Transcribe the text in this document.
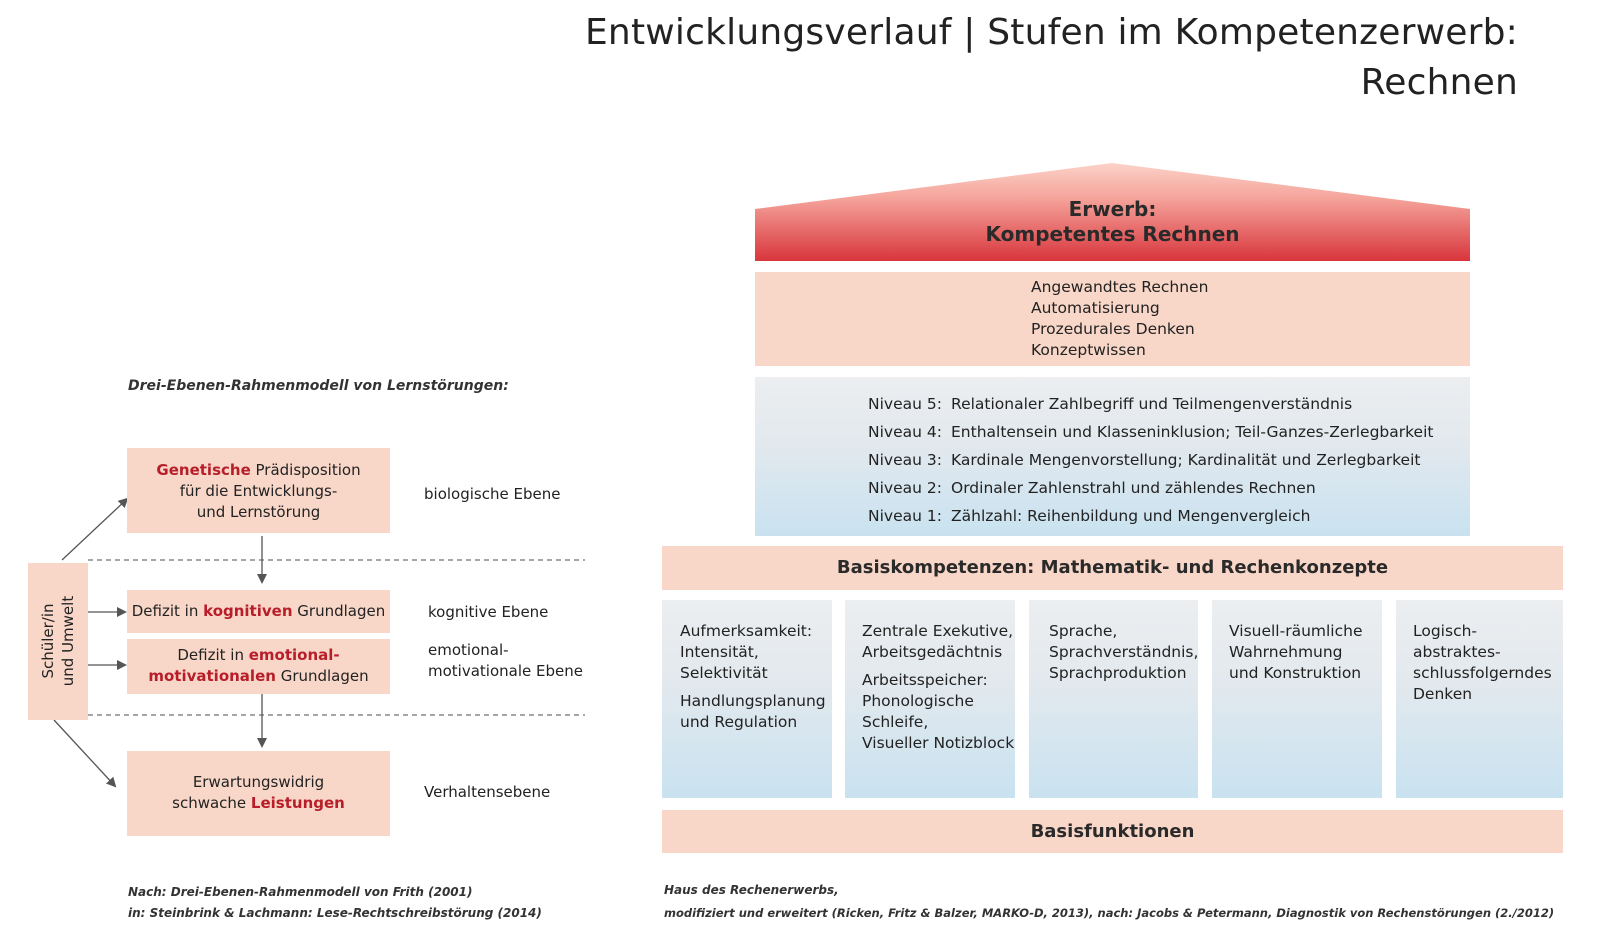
Entwicklungsverlauf | Stufen im Kompetenzerwerb:
Rechnen
Drei-Ebenen-Rahmenmodell von Lernstörungen:
Schüler/in und Umwelt
Genetische Prädisposition
für die Entwicklungs-
und Lernstörung
Defizit in kognitiven Grundlagen
Defizit in emotional-
motivationalen Grundlagen
Erwartungswidrig
schwache Leistungen
biologische Ebene
kognitive Ebene
emotional-
motivationale Ebene
Verhaltensebene
Nach: Drei-Ebenen-Rahmenmodell von Frith (2001)
in: Steinbrink & Lachmann: Lese-Rechtschreibstörung (2014)
Erwerb:
Kompetentes Rechnen
Angewandtes Rechnen
Automatisierung
Prozedurales Denken
Konzeptwissen
Niveau 5: Relationaler Zahlbegriff und Teilmengenverständnis
Niveau 4: Enthaltensein und Klasseninklusion; Teil-Ganzes-Zerlegbarkeit
Niveau 3: Kardinale Mengenvorstellung; Kardinalität und Zerlegbarkeit
Niveau 2: Ordinaler Zahlenstrahl und zählendes Rechnen
Niveau 1: Zählzahl: Reihenbildung und Mengenvergleich
Basiskompetenzen: Mathematik- und Rechenkonzepte
Aufmerksamkeit:
Intensität,
Selektivität
Handlungsplanung
und Regulation
Zentrale Exekutive,
Arbeitsgedächtnis
Arbeitsspeicher:
Phonologische
Schleife,
Visueller Notizblock
Sprache,
Sprachverständnis,
Sprachproduktion
Visuell-räumliche
Wahrnehmung
und Konstruktion
Logisch-
abstraktes-
schlussfolgerndes
Denken
Basisfunktionen
Haus des Rechenerwerbs,
modifiziert und erweitert (Ricken, Fritz & Balzer, MARKO-D, 2013), nach: Jacobs & Petermann, Diagnostik von Rechenstörungen (2./2012)
